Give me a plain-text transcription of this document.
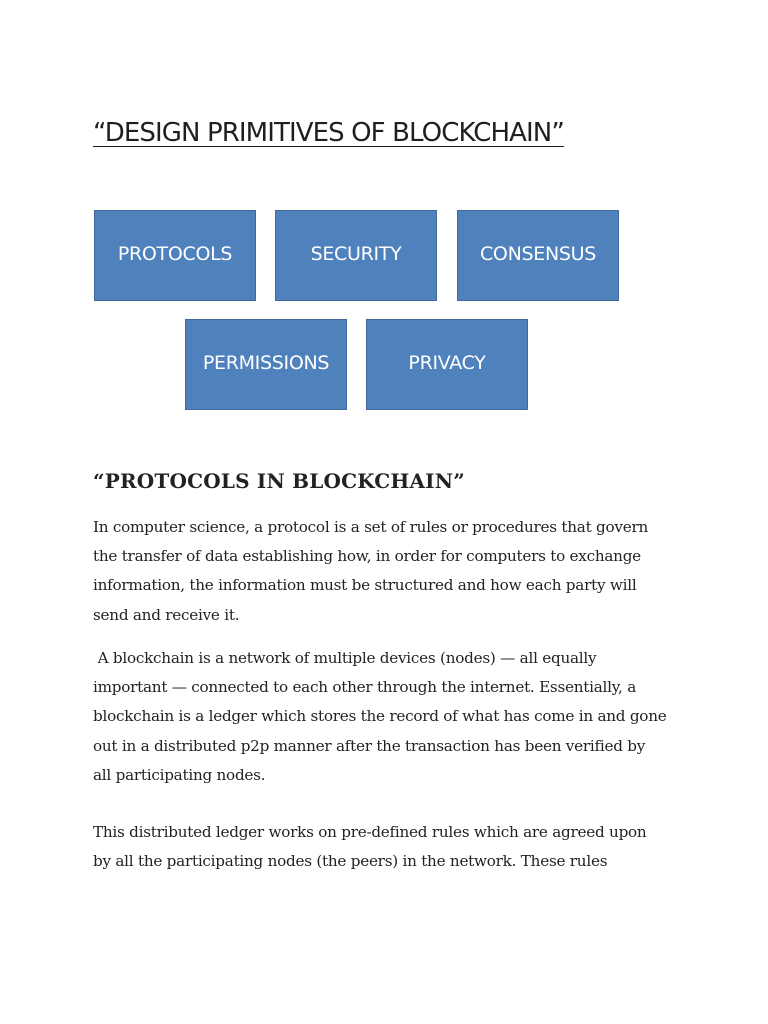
“DESIGN PRIMITIVES OF BLOCKCHAIN”
PROTOCOLS	SECURITY	CONSENSUS
PERMISSIONS	PRIVACY
“PROTOCOLS IN BLOCKCHAIN”

In computer science, a protocol is a set of rules or procedures that govern
the transfer of data establishing how, in order for computers to exchange
information, the information must be structured and how each party will
send and receive it.

A blockchain is a network of multiple devices (nodes) — all equally
important — connected to each other through the internet. Essentially, a
blockchain is a ledger which stores the record of what has come in and gone
out in a distributed p2p manner after the transaction has been verified by
all participating nodes.

This distributed ledger works on pre-defined rules which are agreed upon
by all the participating nodes (the peers) in the network. These rules
